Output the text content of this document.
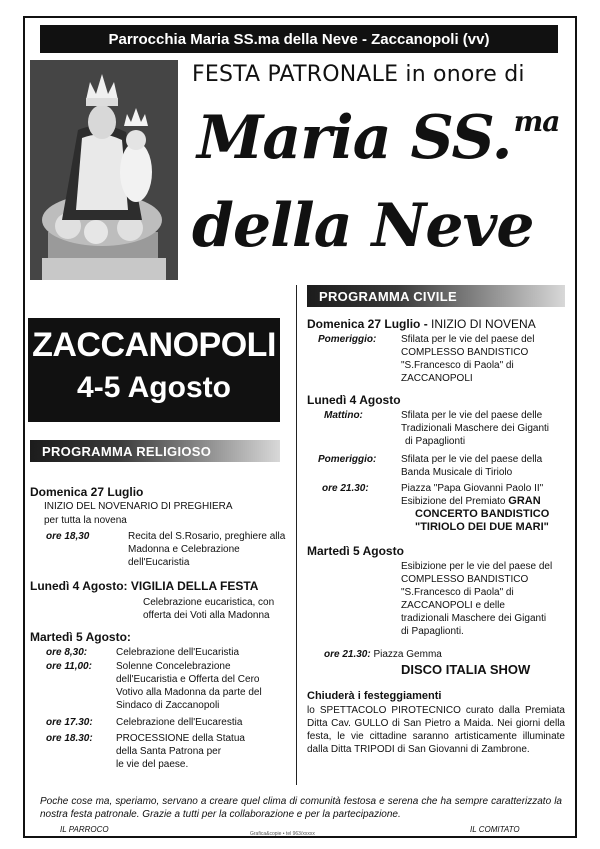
Parrocchia Maria SS.ma della Neve - Zaccanopoli (vv)
FESTA PATRONALE in onore di
Maria SS.$^{ma}$
della Neve
ZACCANOPOLI
4-5 Agosto
PROGRAMMA RELIGIOSO
PROGRAMMA CIVILE
Domenica 27 Luglio
INIZIO DEL NOVENARIO DI PREGHIERA
per tutta la novena
ore 18,30	Recita del S.Rosario, preghiere alla
Madonna e Celebrazione
dell'Eucaristia
Lunedì 4 Agosto: VIGILIA DELLA FESTA
Celebrazione eucaristica, con
offerta dei Voti alla Madonna
Martedì 5 Agosto:
ore 8,30:	Celebrazione dell'Eucaristia
ore 11,00: Solenne Concelebrazione
dell'Eucaristia e Offerta del Cero
Votivo alla Madonna da parte del
Sindaco di Zaccanopoli
ore 17.30: Celebrazione dell'Eucarestia
ore 18.30: PROCESSIONE della Statua
della Santa Patrona per
le vie del paese.
Domenica 27 Luglio - INIZIO DI NOVENA
Pomeriggio: Sfilata per le vie del paese del
COMPLESSO BANDISTICO
"S.Francesco di Paola" di
ZACCANOPOLI
Lunedì 4 Agosto
Mattino:	Sfilata per le vie del paese delle
Tradizionali Maschere dei Giganti
di Papaglionti
Pomeriggio: Sfilata per le vie del paese della
Banda Musicale di Tiriolo
ore 21.30:	Piazza "Papa Giovanni Paolo II"
Esibizione del Premiato GRAN
CONCERTO BANDISTICO
"TIRIOLO DEI DUE MARI"
Martedì 5 Agosto
Esibizione per le vie del paese del
COMPLESSO BANDISTICO
"S.Francesco di Paola" di
ZACCANOPOLI e delle
tradizionali Maschere dei Giganti
di Papaglionti.
ore 21.30: Piazza Gemma
DISCO ITALIA SHOW
Chiuderà i festeggiamenti
lo SPETTACOLO PIROTECNICO curato dalla Premiata Ditta Cav. GULLO di San Pietro a Maida. Nei giorni della festa, le vie cittadine saranno artisticamente illuminate dalla Ditta TRIPODI di San Giovanni di Zambrone.
Poche cose ma, speriamo, servano a creare quel clima di comunità festosa e serena che ha sempre caratterizzato la nostra festa patronale. Grazie a tutti per la collaborazione e per la partecipazione.
IL PARROCO	IL COMITATO
Grafica&copie • tel 963/xxxxx
